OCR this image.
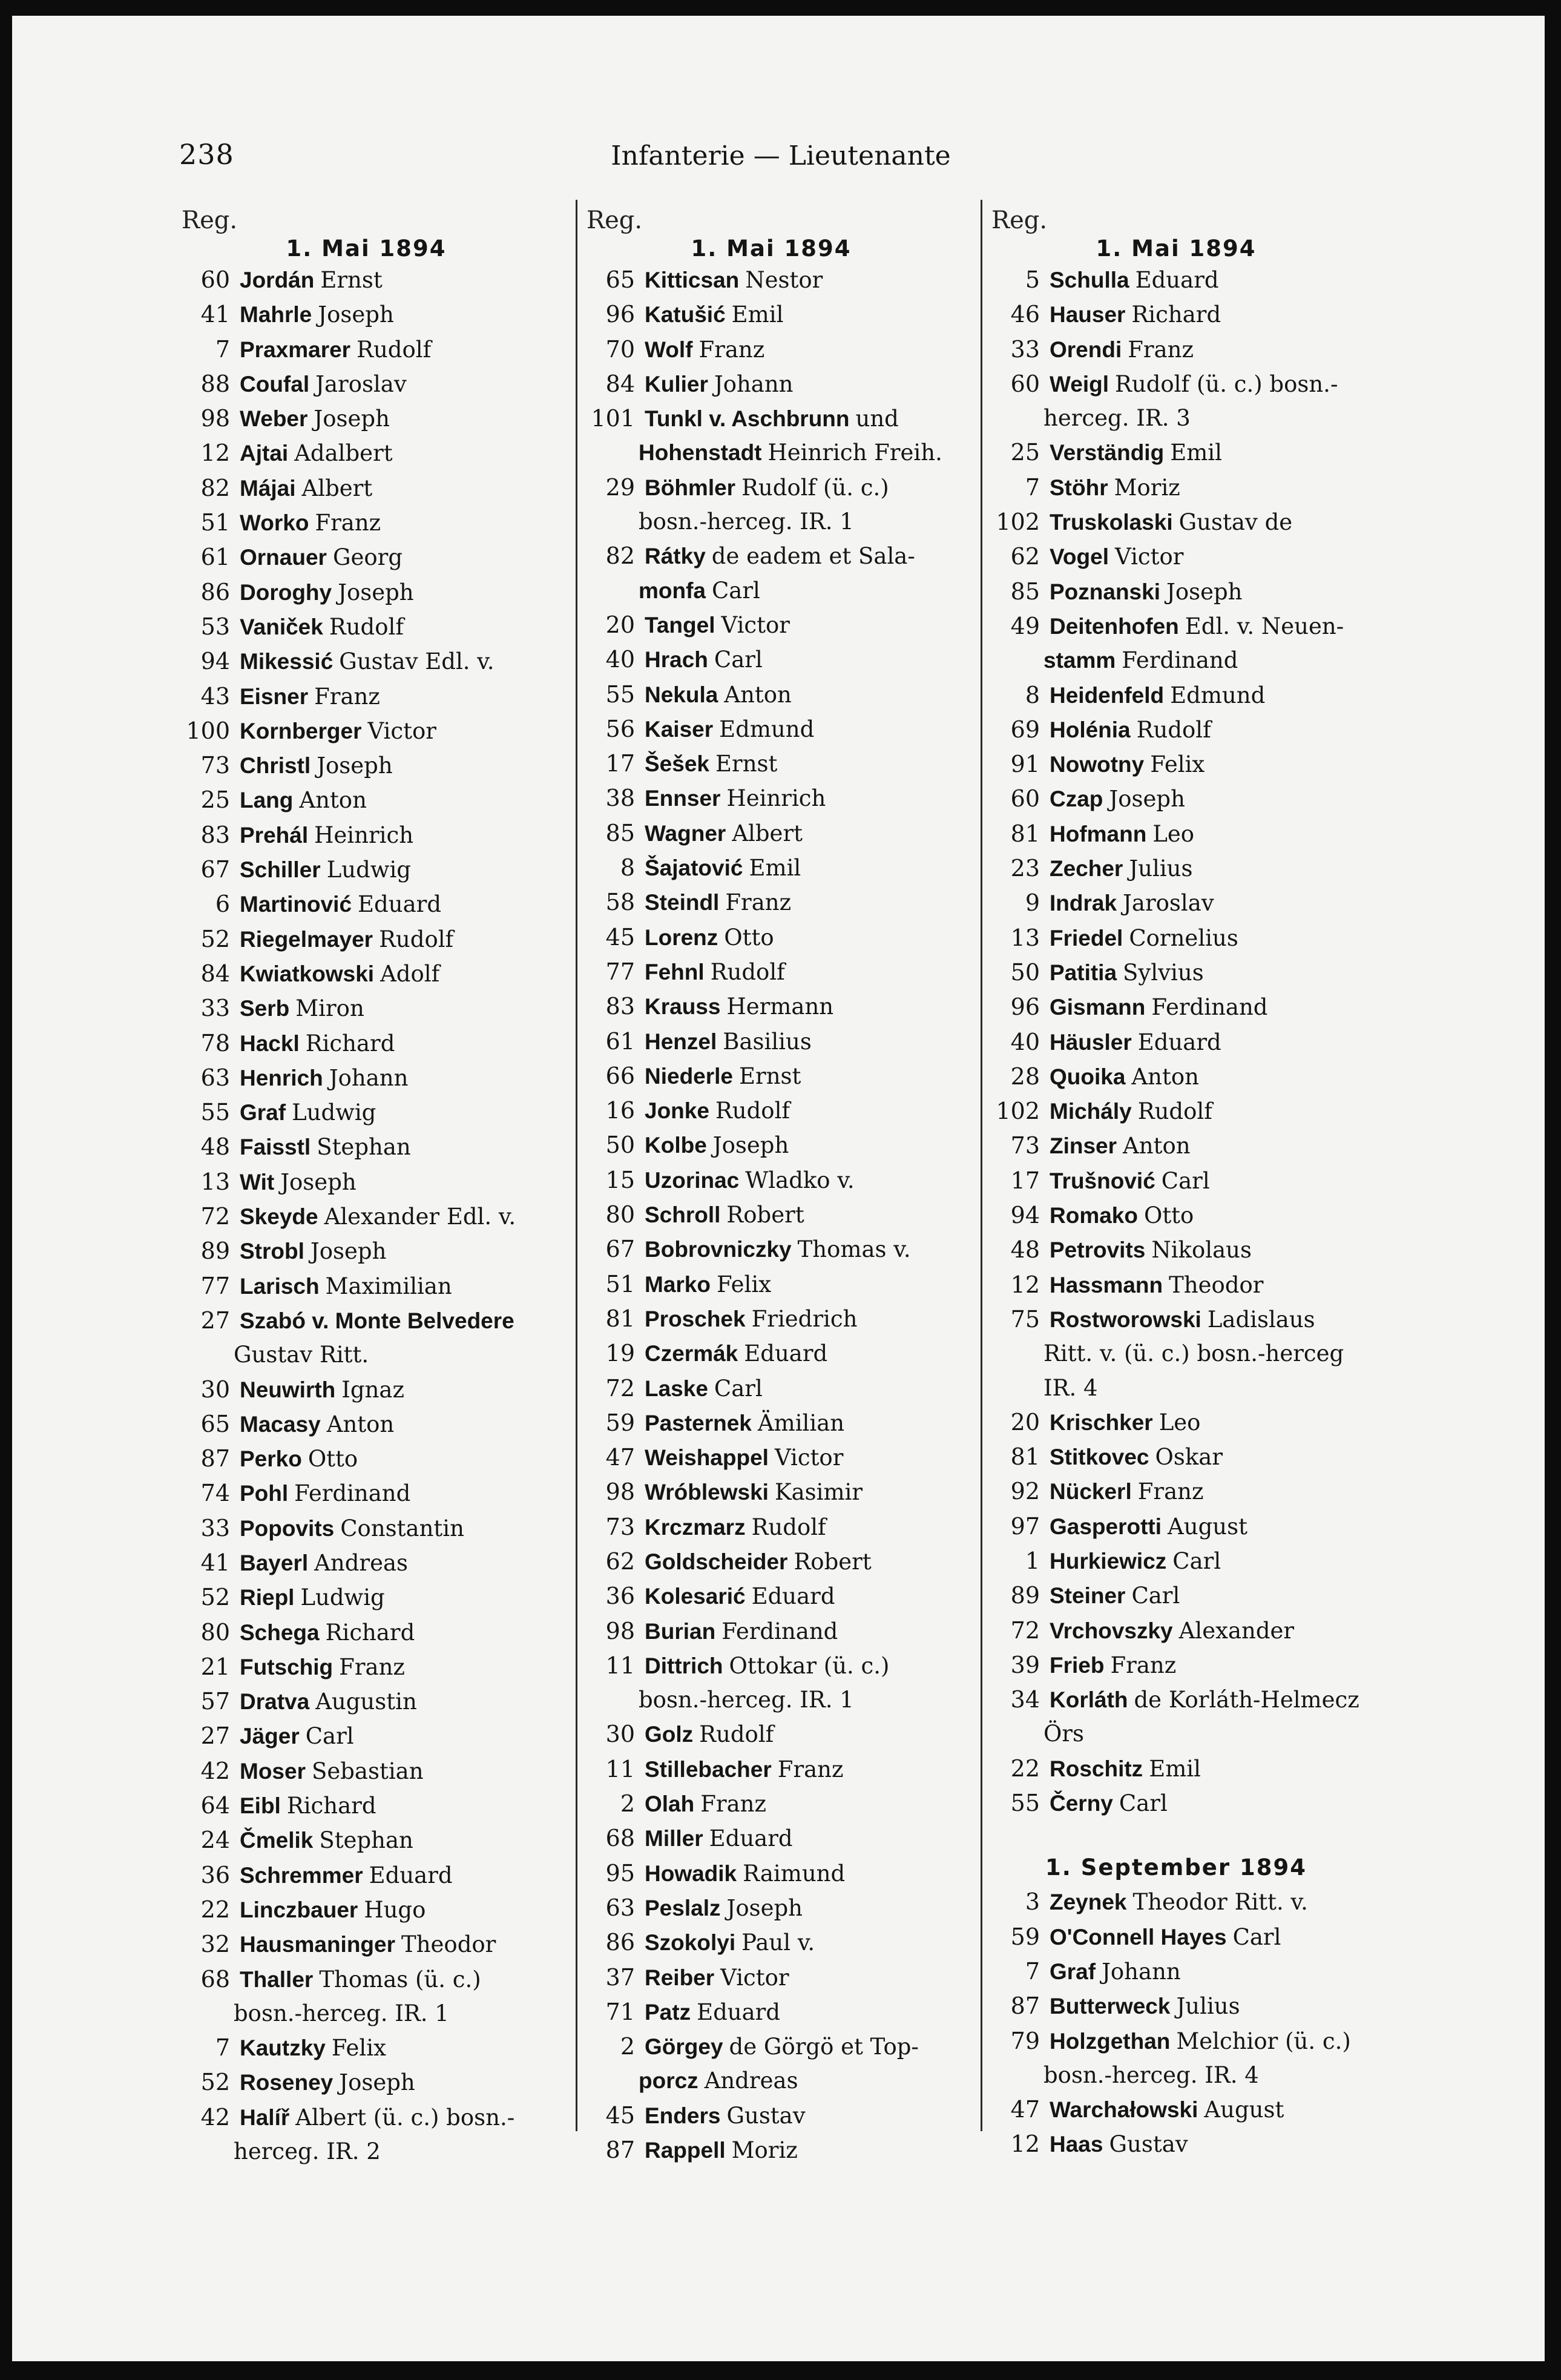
238	Infanterie — Lieutenante
Reg.
1. Mai 1894
60 Jordán Ernst
41 Mahrle Joseph
7 Praxmarer Rudolf
88 Coufal Jaroslav
98 Weber Joseph
12 Ajtai Adalbert
82 Májai Albert
51 Worko Franz
61 Ornauer Georg
86 Doroghy Joseph
53 Vaniček Rudolf
94 Mikessić Gustav Edl. v.
43 Eisner Franz
100 Kornberger Victor
73 Christl Joseph
25 Lang Anton
83 Prehál Heinrich
67 Schiller Ludwig
6 Martinović Eduard
52 Riegelmayer Rudolf
84 Kwiatkowski Adolf
33 Serb Miron
78 Hackl Richard
63 Henrich Johann
55 Graf Ludwig
48 Faisstl Stephan
13 Wit Joseph
72 Skeyde Alexander Edl. v.
89 Strobl Joseph
77 Larisch Maximilian
27 Szabó v. Monte Belvedere
Gustav Ritt.
30 Neuwirth Ignaz
65 Macasy Anton
87 Perko Otto
74 Pohl Ferdinand
33 Popovits Constantin
41 Bayerl Andreas
52 Riepl Ludwig
80 Schega Richard
21 Futschig Franz
57 Dratva Augustin
27 Jäger Carl
42 Moser Sebastian
64 Eibl Richard
24 Čmelik Stephan
36 Schremmer Eduard
22 Linczbauer Hugo
32 Hausmaninger Theodor
68 Thaller Thomas (ü. c.)
bosn.-herceg. IR. 1
7 Kautzky Felix
52 Roseney Joseph
42 Halíř Albert (ü. c.) bosn.-
herceg. IR. 2
Reg.
1. Mai 1894
65 Kitticsan Nestor
96 Katušić Emil
70 Wolf Franz
84 Kulier Johann
101 Tunkl v. Aschbrunn und
Hohenstadt Heinrich Freih.
29 Böhmler Rudolf (ü. c.)
bosn.-herceg. IR. 1
82 Rátky de eadem et Sala-
monfa Carl
20 Tangel Victor
40 Hrach Carl
55 Nekula Anton
56 Kaiser Edmund
17 Šešek Ernst
38 Ennser Heinrich
85 Wagner Albert
8 Šajatović Emil
58 Steindl Franz
45 Lorenz Otto
77 Fehnl Rudolf
83 Krauss Hermann
61 Henzel Basilius
66 Niederle Ernst
16 Jonke Rudolf
50 Kolbe Joseph
15 Uzorinac Wladko v.
80 Schroll Robert
67 Bobrovniczky Thomas v.
51 Marko Felix
81 Proschek Friedrich
19 Czermák Eduard
72 Laske Carl
59 Pasternek Ämilian
47 Weishappel Victor
98 Wróblewski Kasimir
73 Krczmarz Rudolf
62 Goldscheider Robert
36 Kolesarić Eduard
98 Burian Ferdinand
11 Dittrich Ottokar (ü. c.)
bosn.-herceg. IR. 1
30 Golz Rudolf
11 Stillebacher Franz
2 Olah Franz
68 Miller Eduard
95 Howadik Raimund
63 Peslalz Joseph
86 Szokolyi Paul v.
37 Reiber Victor
71 Patz Eduard
2 Görgey de Görgö et Top-
porcz Andreas
45 Enders Gustav
87 Rappell Moriz
Reg.
1. Mai 1894
5 Schulla Eduard
46 Hauser Richard
33 Orendi Franz
60 Weigl Rudolf (ü. c.) bosn.-
herceg. IR. 3
25 Verständig Emil
7 Stöhr Moriz
102 Truskolaski Gustav de
62 Vogel Victor
85 Poznanski Joseph
49 Deitenhofen Edl. v. Neuen-
stamm Ferdinand
8 Heidenfeld Edmund
69 Holénia Rudolf
91 Nowotny Felix
60 Czap Joseph
81 Hofmann Leo
23 Zecher Julius
9 Indrak Jaroslav
13 Friedel Cornelius
50 Patitia Sylvius
96 Gismann Ferdinand
40 Häusler Eduard
28 Quoika Anton
102 Michály Rudolf
73 Zinser Anton
17 Trušnović Carl
94 Romako Otto
48 Petrovits Nikolaus
12 Hassmann Theodor
75 Rostworowski Ladislaus
Ritt. v. (ü. c.) bosn.-herceg
IR. 4
20 Krischker Leo
81 Stitkovec Oskar
92 Nückerl Franz
97 Gasperotti August
1 Hurkiewicz Carl
89 Steiner Carl
72 Vrchovszky Alexander
39 Frieb Franz
34 Korláth de Korláth-Helmecz
Örs
22 Roschitz Emil
55 Černy Carl
1. September 1894
3 Zeynek Theodor Ritt. v.
59 O'Connell Hayes Carl
7 Graf Johann
87 Butterweck Julius
79 Holzgethan Melchior (ü. c.)
bosn.-herceg. IR. 4
47 Warchałowski August
12 Haas Gustav
